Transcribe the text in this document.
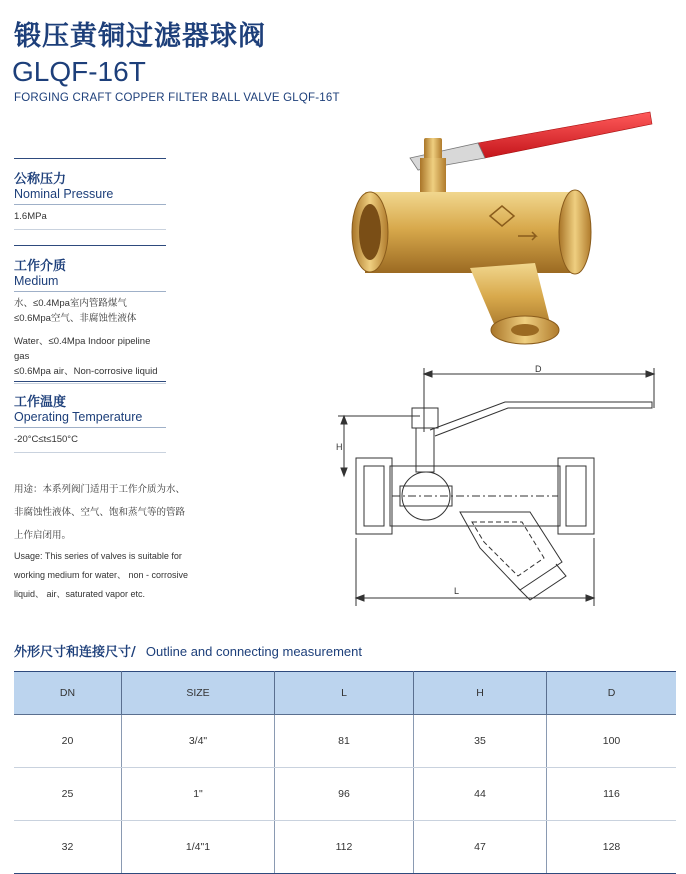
锻压黄铜过滤器球阀
GLQF-16T
FORGING CRAFT COPPER FILTER BALL VALVE GLQF-16T
公称压力
Nominal Pressure
1.6MPa
工作介质
Medium
水、≤0.4Mpa室内管路煤气
≤0.6Mpa空气、非腐蚀性液体
Water、≤0.4Mpa Indoor pipeline gas
≤0.6Mpa air、Non-corrosive liquid
工作温度
Operating Temperature
-20°C≤t≤150°C
用途：本系列阀门适用于工作介质为水、
非腐蚀性液体、空气、饱和蒸气等的管路
上作启闭用。
Usage: This series of valves is suitable for
working medium for water、 non - corrosive
liquid、 air、saturated vapor etc.
D
H
L
外形尺寸和连接尺寸/ Outline and connecting measurement
DN	SIZE	L	H	D
20	3/4"	81	35	100
25	1"	96	44	116
32	1/4"1	112	47	128
